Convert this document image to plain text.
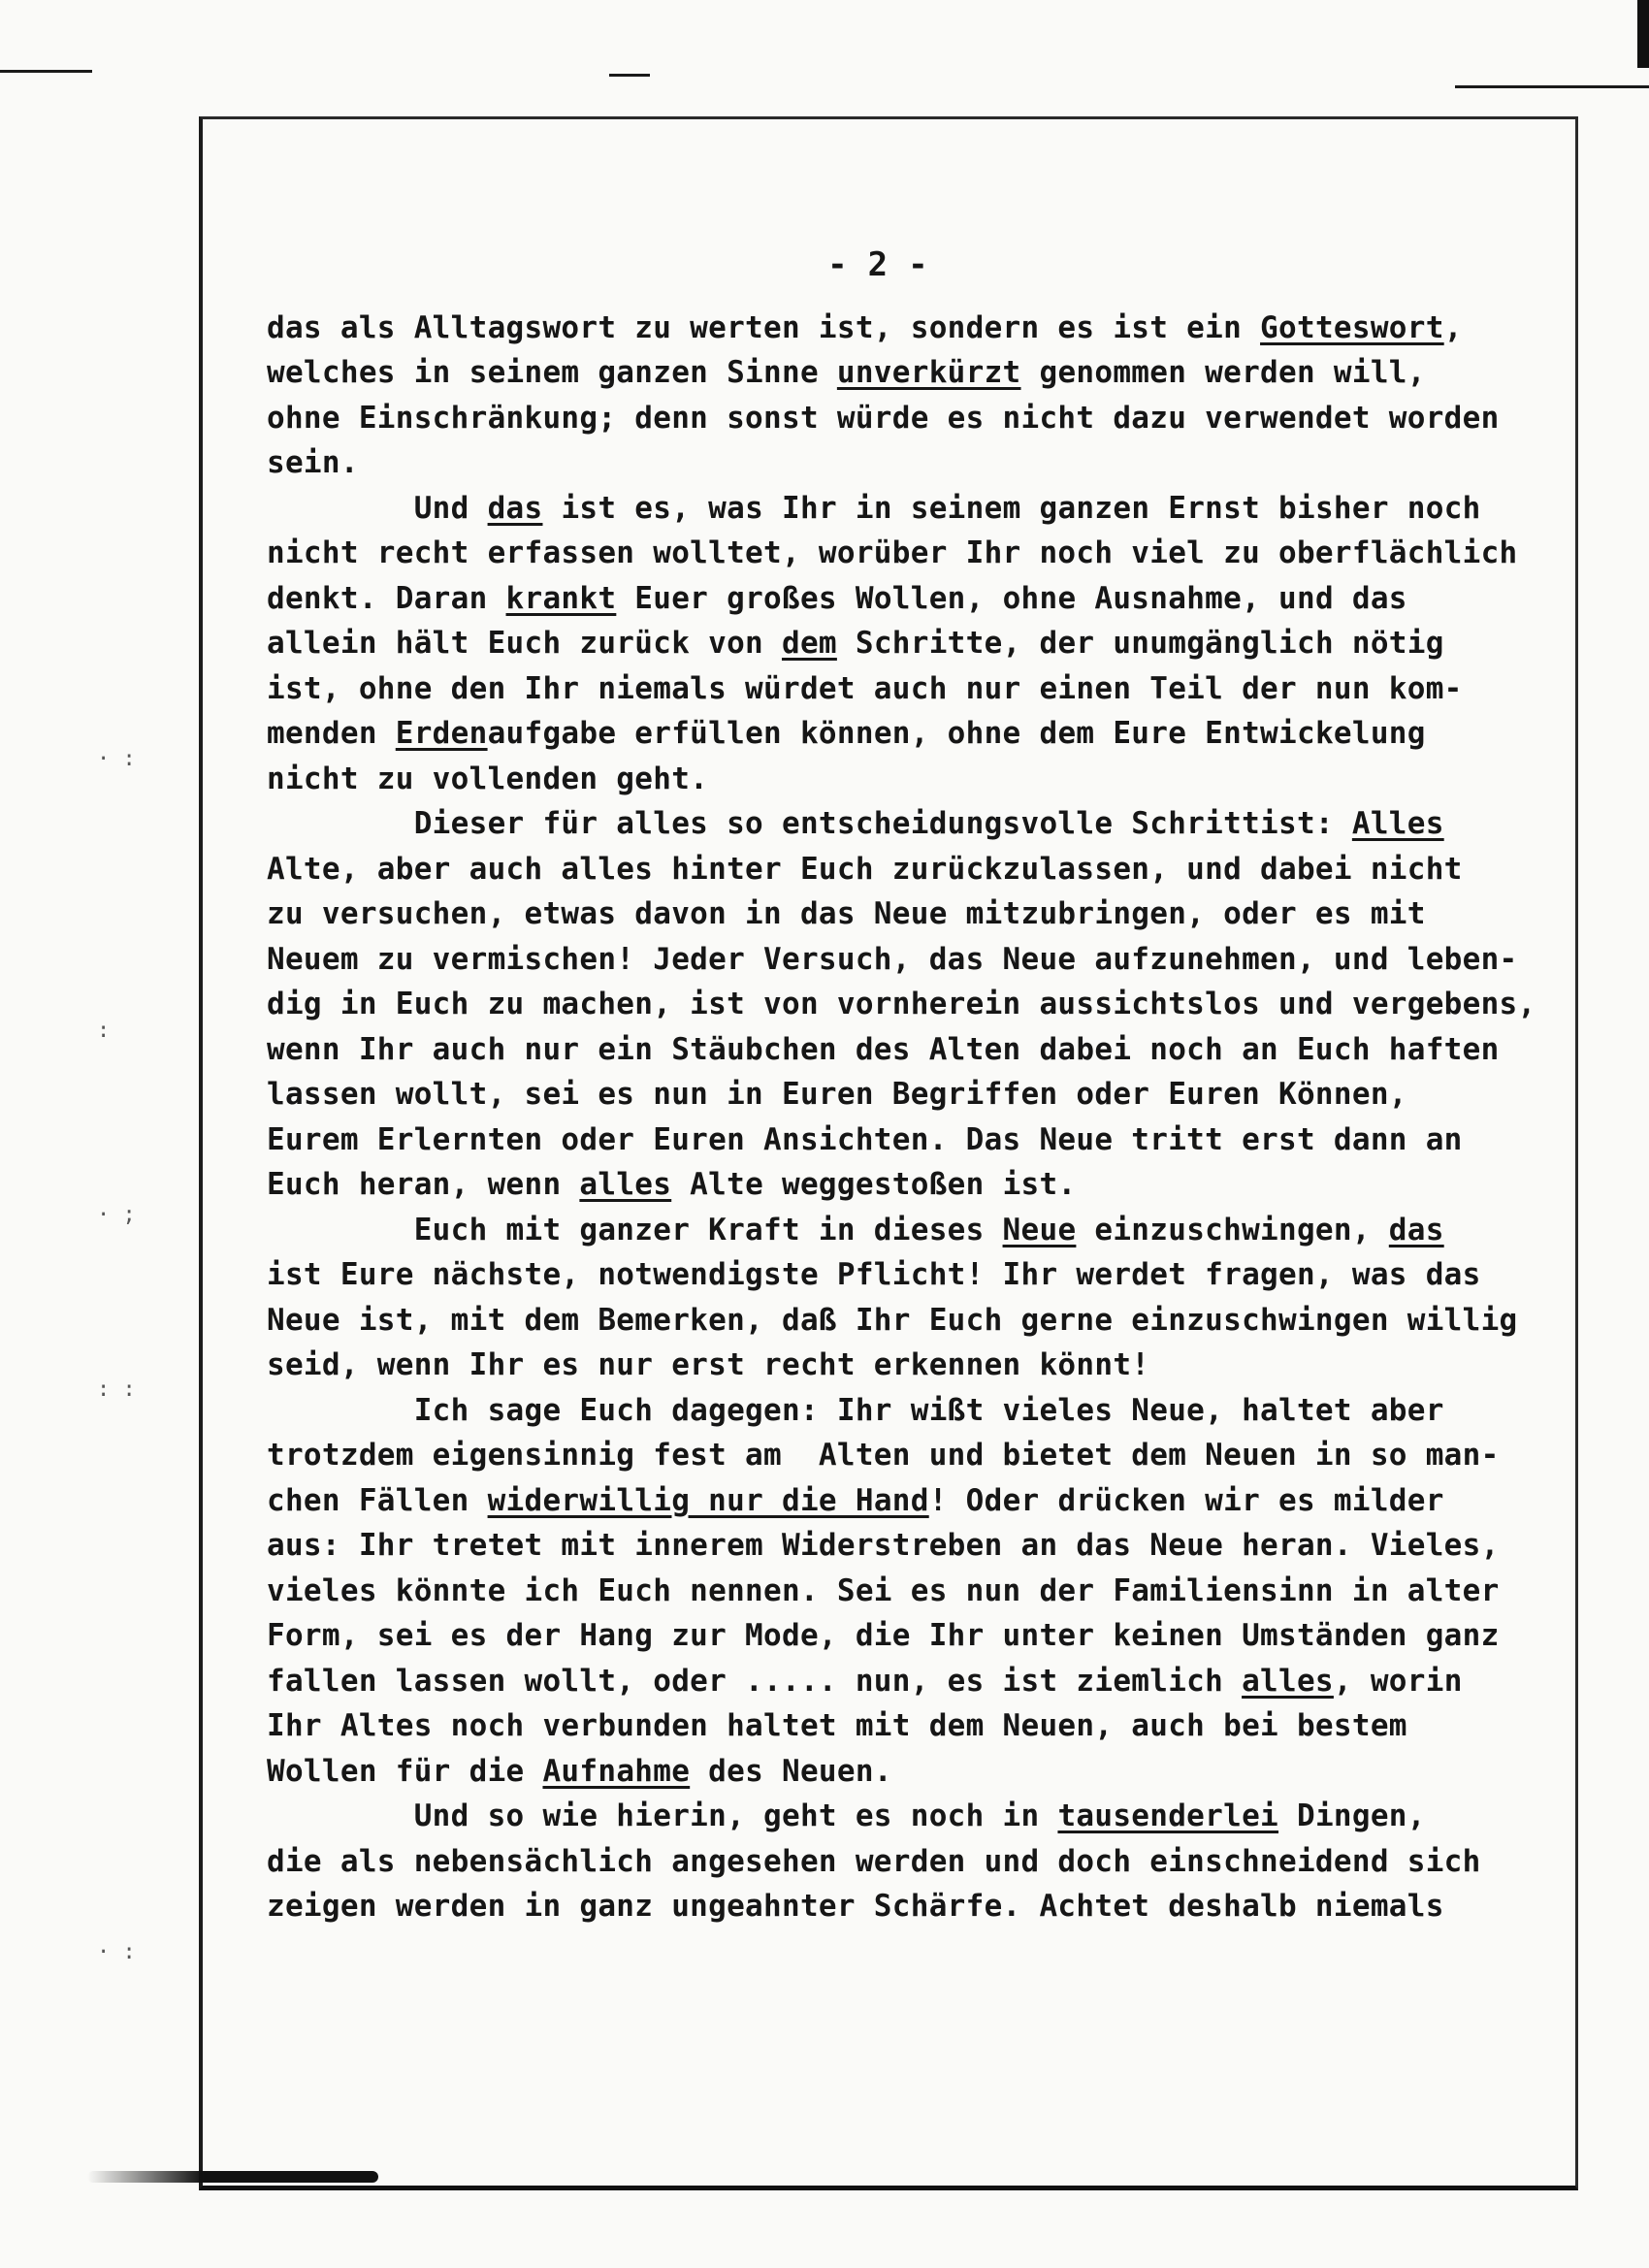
· :
:
· ;
: :
· :
- 2 -
das als Alltagswort zu werten ist, sondern es ist ein Gotteswort,
welches in seinem ganzen Sinne unverkürzt genommen werden will,
ohne Einschränkung; denn sonst würde es nicht dazu verwendet worden
sein.
Und das ist es, was Ihr in seinem ganzen Ernst bisher noch
nicht recht erfassen wolltet, worüber Ihr noch viel zu oberflächlich
denkt. Daran krankt Euer großes Wollen, ohne Ausnahme, und das
allein hält Euch zurück von dem Schritte, der unumgänglich nötig
ist, ohne den Ihr niemals würdet auch nur einen Teil der nun kom-
menden Erdenaufgabe erfüllen können, ohne dem Eure Entwickelung
nicht zu vollenden geht.
Dieser für alles so entscheidungsvolle Schrittist: Alles
Alte, aber auch alles hinter Euch zurückzulassen, und dabei nicht
zu versuchen, etwas davon in das Neue mitzubringen, oder es mit
Neuem zu vermischen! Jeder Versuch, das Neue aufzunehmen, und leben-
dig in Euch zu machen, ist von vornherein aussichtslos und vergebens,
wenn Ihr auch nur ein Stäubchen des Alten dabei noch an Euch haften
lassen wollt, sei es nun in Euren Begriffen oder Euren Können,
Eurem Erlernten oder Euren Ansichten. Das Neue tritt erst dann an
Euch heran, wenn alles Alte weggestoßen ist.
Euch mit ganzer Kraft in dieses Neue einzuschwingen, das
ist Eure nächste, notwendigste Pflicht! Ihr werdet fragen, was das
Neue ist, mit dem Bemerken, daß Ihr Euch gerne einzuschwingen willig
seid, wenn Ihr es nur erst recht erkennen könnt!
Ich sage Euch dagegen: Ihr wißt vieles Neue, haltet aber
trotzdem eigensinnig fest am  Alten und bietet dem Neuen in so man-
chen Fällen widerwillig nur die Hand! Oder drücken wir es milder
aus: Ihr tretet mit innerem Widerstreben an das Neue heran. Vieles,
vieles könnte ich Euch nennen. Sei es nun der Familiensinn in alter
Form, sei es der Hang zur Mode, die Ihr unter keinen Umständen ganz
fallen lassen wollt, oder ..... nun, es ist ziemlich alles, worin
Ihr Altes noch verbunden haltet mit dem Neuen, auch bei bestem
Wollen für die Aufnahme des Neuen.
Und so wie hierin, geht es noch in tausenderlei Dingen,
die als nebensächlich angesehen werden und doch einschneidend sich
zeigen werden in ganz ungeahnter Schärfe. Achtet deshalb niemals
